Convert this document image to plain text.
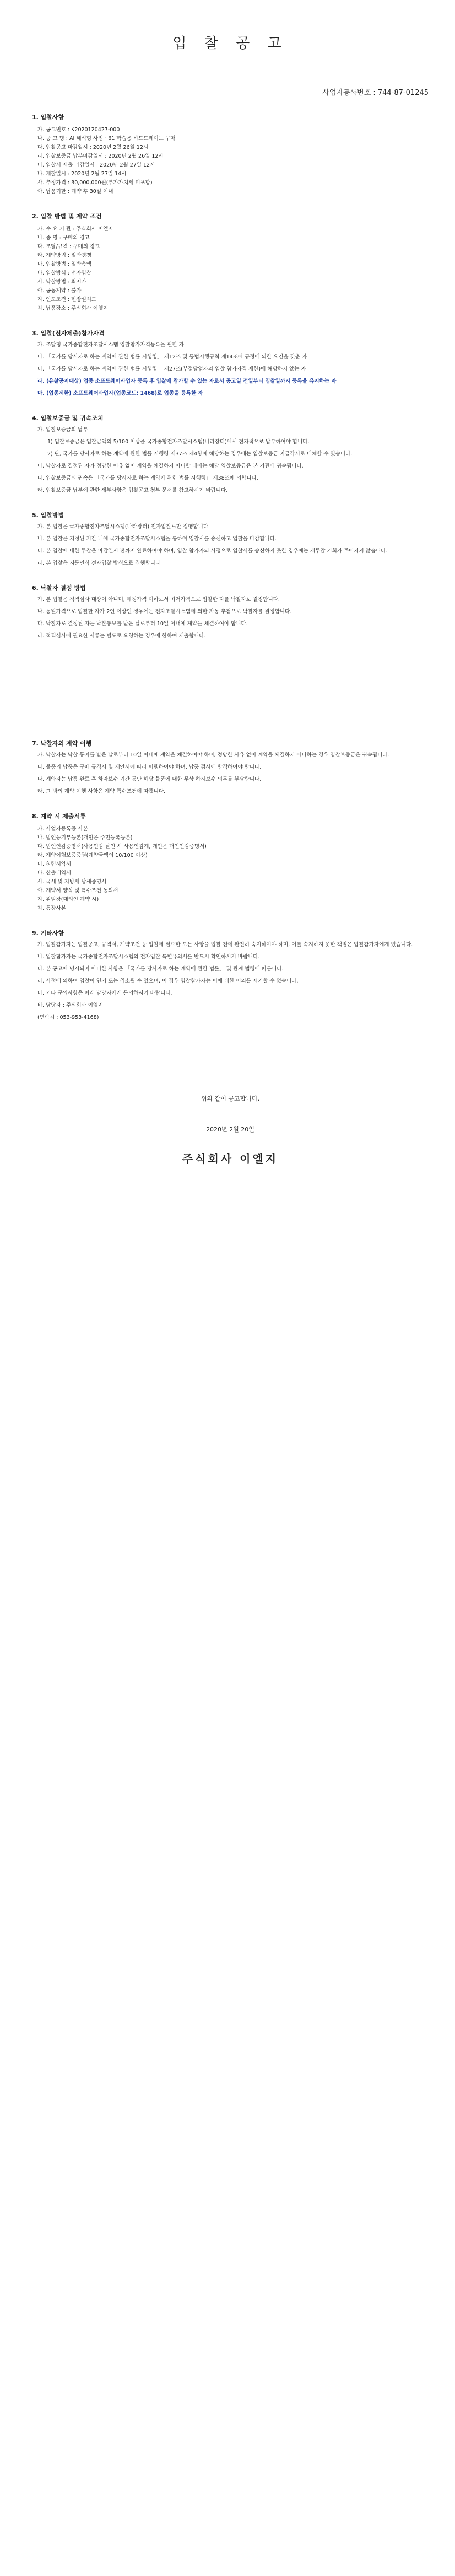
입 찰 공 고
사업자등록번호 : 744-87-01245
1. 입찰사항
가. 공고번호 : K2020120427-000
나. 공 고 명 : AI 해석형 사업 · 61 학습용 하드드레이브 구매
다. 입찰공고 마감일시 : 2020년 2월 26일 12시
라. 입찰보증금 납부마감일시 : 2020년 2월 26일 12시
마. 입찰서 제출 마감일시 : 2020년 2월 27일 12시
바. 개찰일시 : 2020년 2월 27일 14시
사. 추정가격 : 30,000,000원(부가가치세 미포함)
아. 납품기한 : 계약 후 30일 이내
2. 입찰 방법 및 계약 조건
가. 수 요 기 관 : 주식회사 이엘지
나. 종 명 : 구매의 경고
다. 조달/규격 : 구매의 경고
라. 계약방법 : 일반경쟁
마. 입찰방법 : 일반총액
바. 입찰방식 : 전자입찰
사. 낙찰방법 : 최저가
아. 공동계약 : 불가
자. 인도조건 : 현장설치도
차. 납품장소 : 주식회사 이엘지
3. 입찰(전자제출)참가자격
가. 조달청 국가종합전자조달시스템 입찰참가자격등록을 필한 자
나. 「국가를 당사자로 하는 계약에 관한 법률 시행령」 제12조 및 동법시행규칙 제14조에 규정에 의한 요건을 갖춘 자
다. 「국가를 당사자로 하는 계약에 관한 법률 시행령」 제27조(부정당업자의 입찰 참가자격 제한)에 해당하지 않는 자
라. (유찰공지대상) 업종 소프트웨어사업자 등록 후 입찰에 참가할 수 있는 자로서 공고일 전일부터 입찰일까지 등록을 유지하는 자
마. (업종제한) 소프트웨어사업자(업종코드: 1468)로 업종을 등록한 자
4. 입찰보증금 및 귀속조치
가. 입찰보증금의 납부
1) 입찰보증금은 입찰금액의 5/100 이상을 국가종합전자조달시스템(나라장터)에서 전자적으로 납부하여야 합니다.
2) 단, 국가를 당사자로 하는 계약에 관한 법률 시행령 제37조 제4항에 해당하는 경우에는 입찰보증금 지급각서로 대체할 수 있습니다.
나. 낙찰자로 결정된 자가 정당한 이유 없이 계약을 체결하지 아니할 때에는 해당 입찰보증금은 본 기관에 귀속됩니다.
다. 입찰보증금의 귀속은 「국가를 당사자로 하는 계약에 관한 법률 시행령」 제38조에 의합니다.
라. 입찰보증금 납부에 관한 세부사항은 입찰공고 첨부 문서를 참고하시기 바랍니다.
5. 입찰방법
가. 본 입찰은 국가종합전자조달시스템(나라장터) 전자입찰로만 집행합니다.
나. 본 입찰은 지정된 기간 내에 국가종합전자조달시스템을 통하여 입찰서를 송신하고 입찰을 마감합니다.
다. 본 입찰에 대한 투찰은 마감일시 전까지 완료하여야 하며, 입찰 참가자의 사정으로 입찰서를 송신하지 못한 경우에는 재투찰 기회가 주어지지 않습니다.
라. 본 입찰은 지문인식 전자입찰 방식으로 집행합니다.
6. 낙찰자 결정 방법
가. 본 입찰은 적격심사 대상이 아니며, 예정가격 이하로서 최저가격으로 입찰한 자를 낙찰자로 결정합니다.
나. 동일가격으로 입찰한 자가 2인 이상인 경우에는 전자조달시스템에 의한 자동 추첨으로 낙찰자를 결정합니다.
다. 낙찰자로 결정된 자는 낙찰통보를 받은 날로부터 10일 이내에 계약을 체결하여야 합니다.
라. 적격심사에 필요한 서류는 별도로 요청하는 경우에 한하여 제출합니다.
7. 낙찰자의 계약 이행
가. 낙찰자는 낙찰 통지를 받은 날로부터 10일 이내에 계약을 체결하여야 하며, 정당한 사유 없이 계약을 체결하지 아니하는 경우 입찰보증금은 귀속됩니다.
나. 물품의 납품은 구매 규격서 및 제안서에 따라 이행하여야 하며, 납품 검사에 합격하여야 합니다.
다. 계약자는 납품 완료 후 하자보수 기간 동안 해당 물품에 대한 무상 하자보수 의무를 부담합니다.
라. 그 밖의 계약 이행 사항은 계약 특수조건에 따릅니다.
8. 계약 시 제출서류
가. 사업자등록증 사본
나. 법인등기부등본(개인은 주민등록등본)
다. 법인인감증명서(사용인감 날인 시 사용인감계, 개인은 개인인감증명서)
라. 계약이행보증증권(계약금액의 10/100 이상)
마. 청렴서약서
바. 산출내역서
사. 국세 및 지방세 납세증명서
아. 계약서 양식 및 특수조건 동의서
자. 위임장(대리인 계약 시)
차. 통장사본
9. 기타사항
가. 입찰참가자는 입찰공고, 규격서, 계약조건 등 입찰에 필요한 모든 사항을 입찰 전에 완전히 숙지하여야 하며, 이를 숙지하지 못한 책임은 입찰참가자에게 있습니다.
나. 입찰참가자는 국가종합전자조달시스템의 전자입찰 특별유의서를 반드시 확인하시기 바랍니다.
다. 본 공고에 명시되지 아니한 사항은 「국가를 당사자로 하는 계약에 관한 법률」 및 관계 법령에 따릅니다.
라. 사정에 의하여 입찰이 연기 또는 취소될 수 있으며, 이 경우 입찰참가자는 이에 대한 이의를 제기할 수 없습니다.
마. 기타 문의사항은 아래 담당자에게 문의하시기 바랍니다.
바. 담당자 : 주식회사 이엘지
(연락처 : 053-953-4168)
위와 같이 공고합니다.
2020년 2월 20일
주식회사 이엘지
